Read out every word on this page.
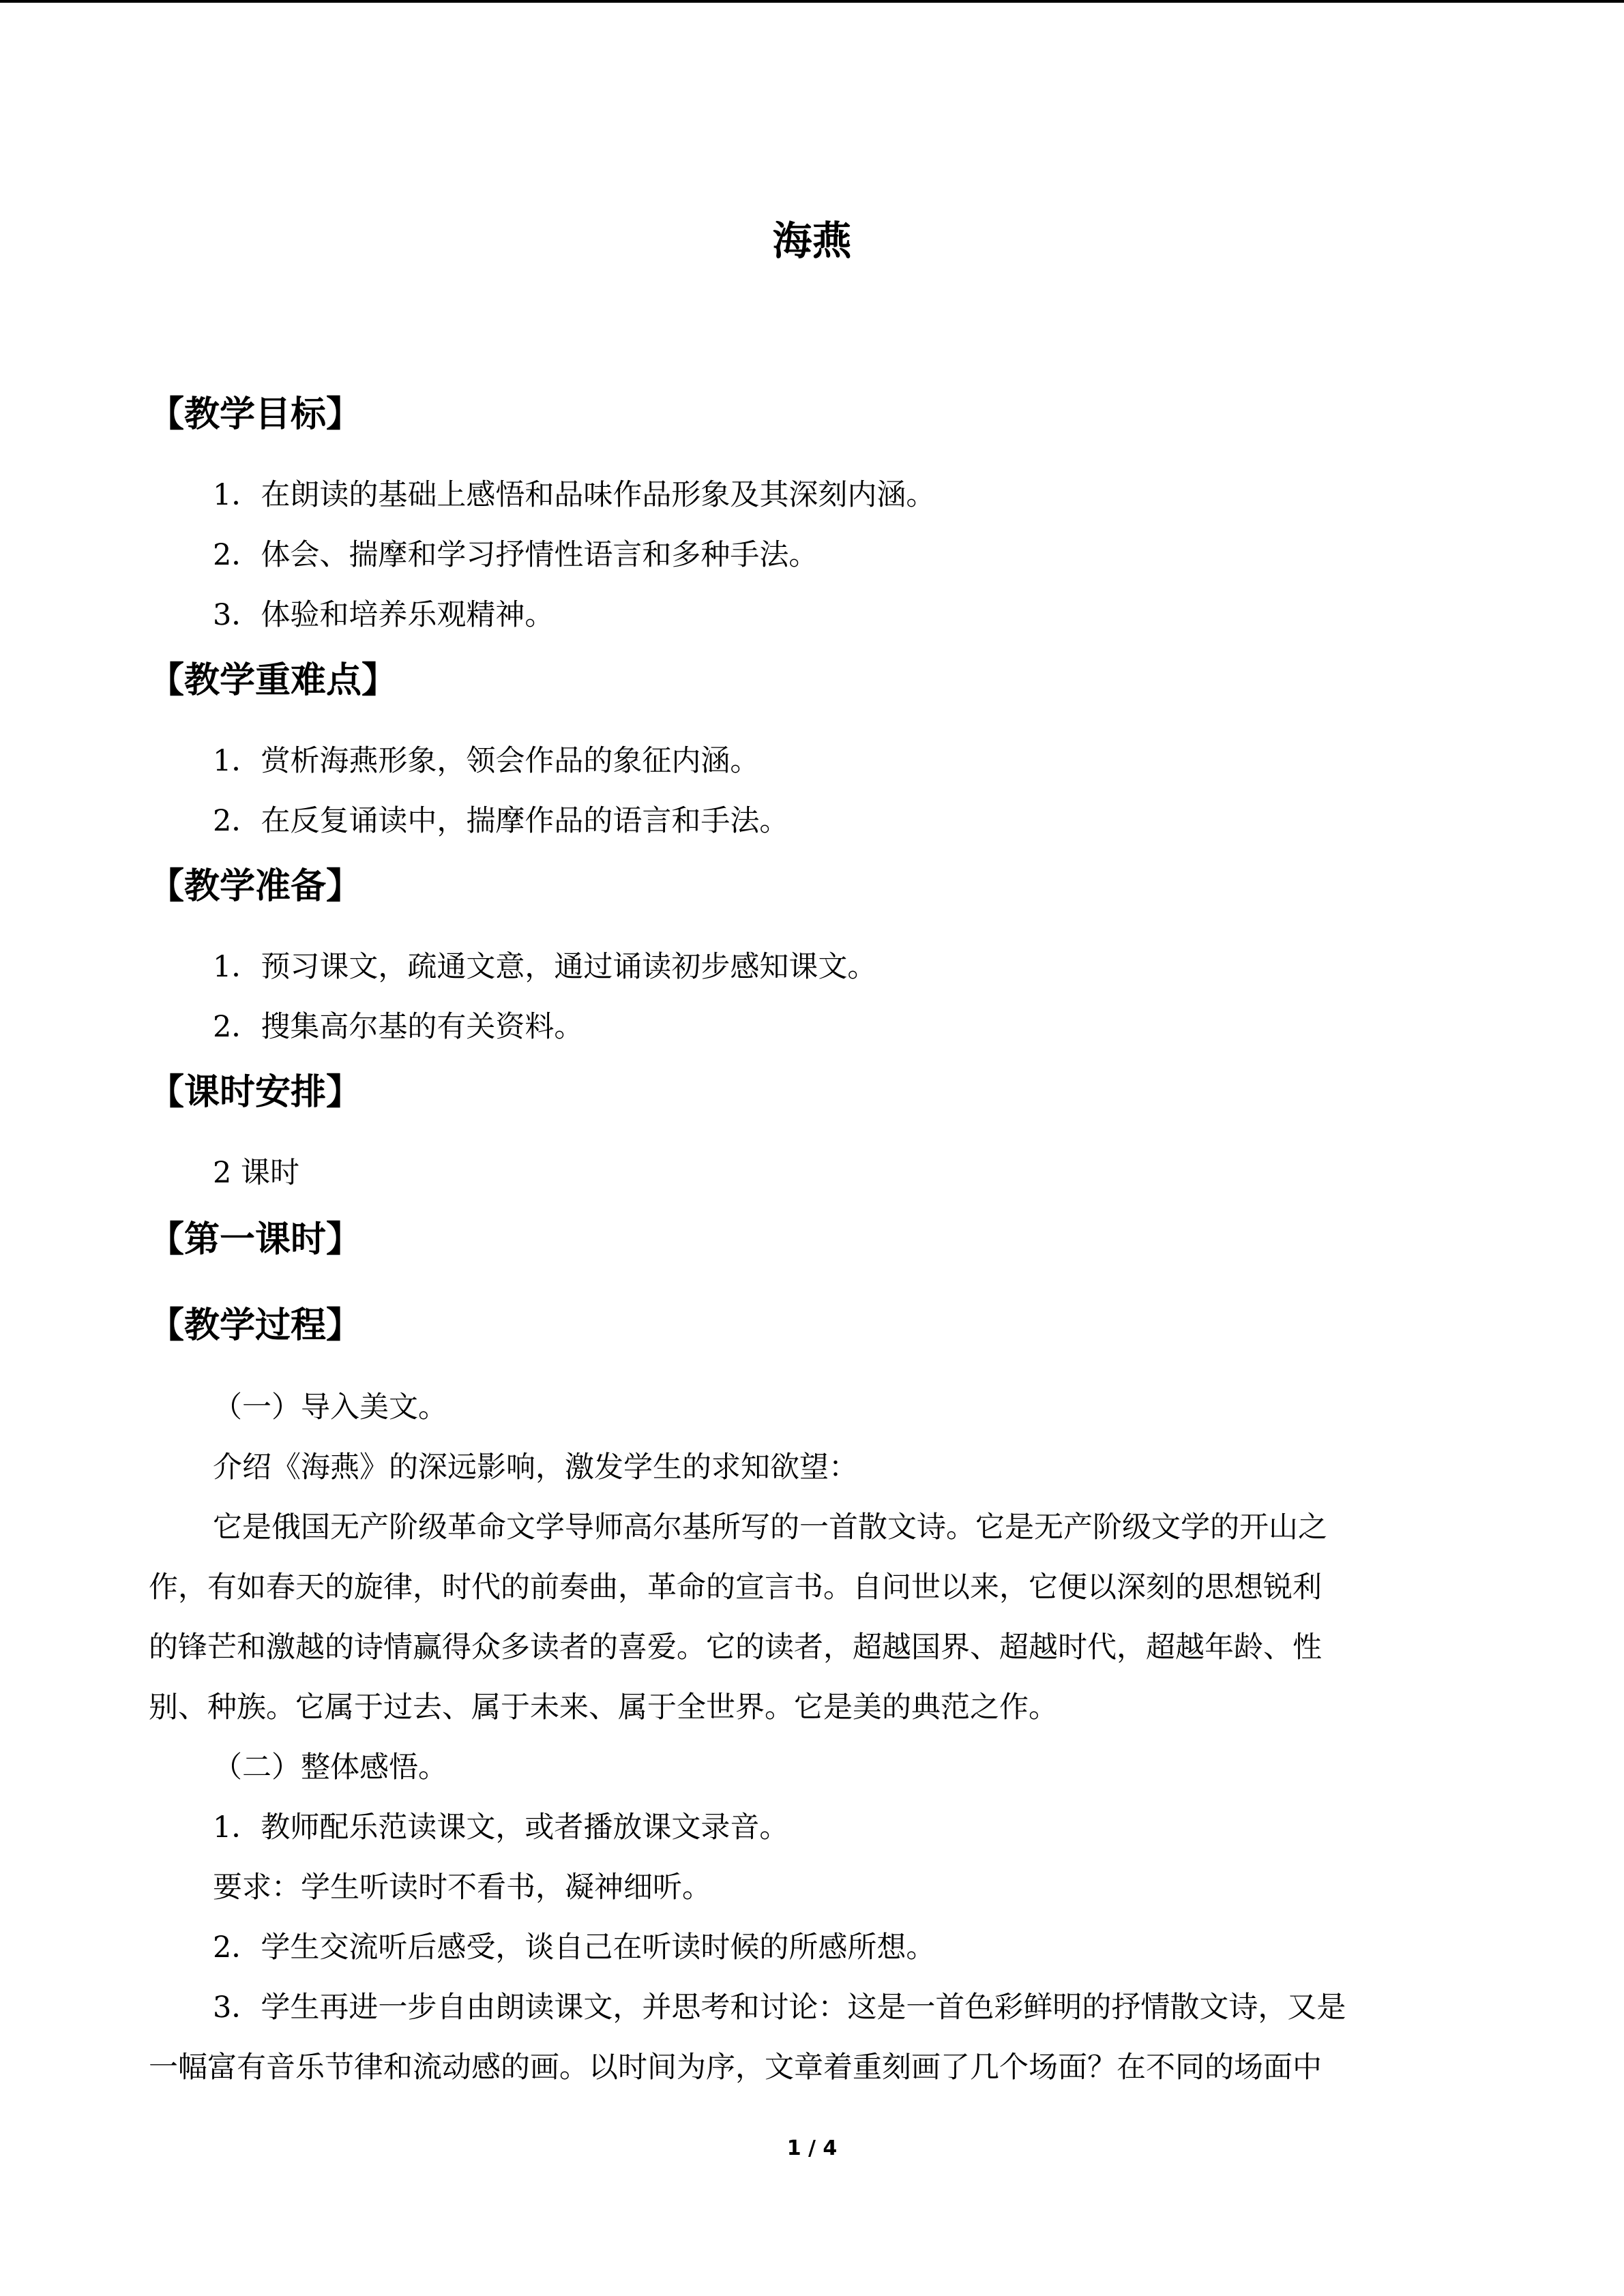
海燕
【教学目标】
1．在朗读的基础上感悟和品味作品形象及其深刻内涵。
2．体会、揣摩和学习抒情性语言和多种手法。
3．体验和培养乐观精神。
【教学重难点】
1．赏析海燕形象，领会作品的象征内涵。
2．在反复诵读中，揣摩作品的语言和手法。
【教学准备】
1．预习课文，疏通文意，通过诵读初步感知课文。
2．搜集高尔基的有关资料。
【课时安排】
2 课时
【第一课时】
【教学过程】
（一）导入美文。
介绍《海燕》的深远影响，激发学生的求知欲望：
它是俄国无产阶级革命文学导师高尔基所写的一首散文诗。它是无产阶级文学的开山之
作，有如春天的旋律，时代的前奏曲，革命的宣言书。自问世以来，它便以深刻的思想锐利
的锋芒和激越的诗情赢得众多读者的喜爱。它的读者，超越国界、超越时代，超越年龄、性
别、种族。它属于过去、属于未来、属于全世界。它是美的典范之作。
（二）整体感悟。
1．教师配乐范读课文，或者播放课文录音。
要求：学生听读时不看书，凝神细听。
2．学生交流听后感受，谈自己在听读时候的所感所想。
3．学生再进一步自由朗读课文，并思考和讨论：这是一首色彩鲜明的抒情散文诗，又是
一幅富有音乐节律和流动感的画。以时间为序，文章着重刻画了几个场面？在不同的场面中
1 / 4
